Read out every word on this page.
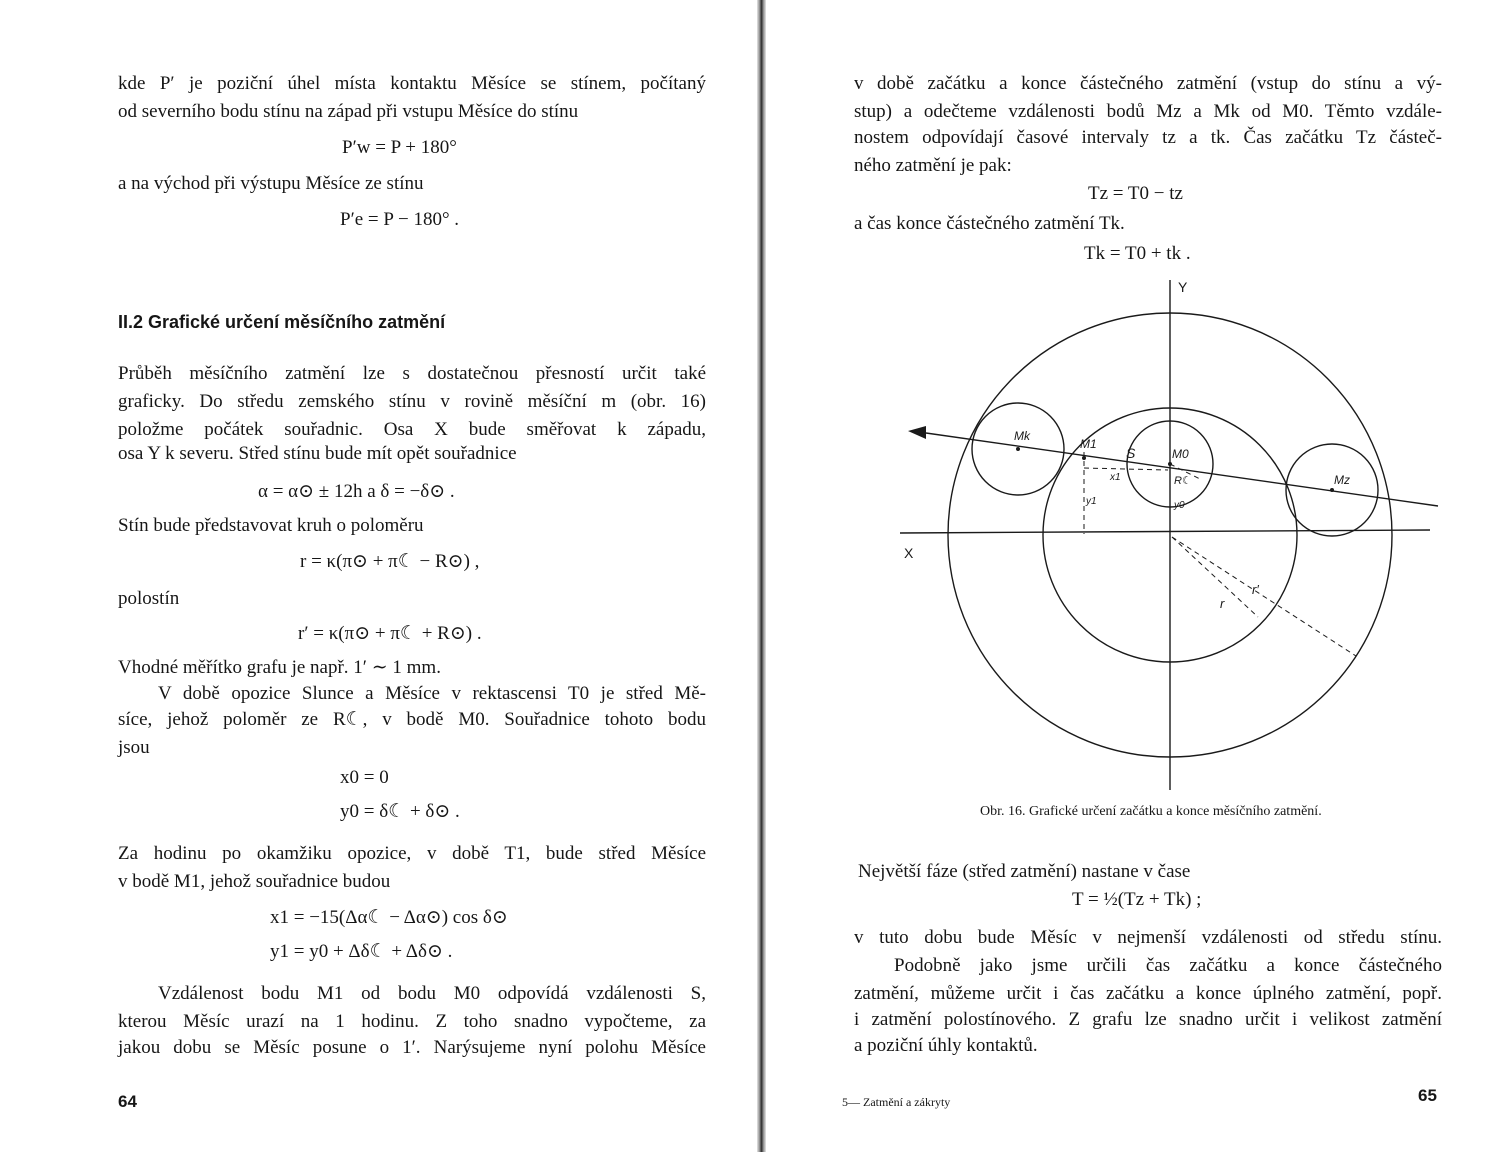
kde P′ je poziční úhel místa kontaktu Měsíce se stínem, počítaný
od severního bodu stínu na západ při vstupu Měsíce do stínu
P′w = P + 180°
a na východ při výstupu Měsíce ze stínu
P′e = P − 180° .
II.2 Grafické určení měsíčního zatmění
Průběh měsíčního zatmění lze s dostatečnou přesností určit také
graficky. Do středu zemského stínu v rovině měsíční m (obr. 16)
položme počátek souřadnic. Osa X bude směřovat k západu,
osa Y k severu. Střed stínu bude mít opět souřadnice
α = α⊙ ± 12h a δ = −δ⊙ .
Stín bude představovat kruh o poloměru
r = κ(π⊙ + π☾ − R⊙) ,
polostín
r′ = κ(π⊙ + π☾ + R⊙) .
Vhodné měřítko grafu je např. 1′ ∼ 1 mm.
V době opozice Slunce a Měsíce v rektascensi T0 je střed Mě-
síce, jehož poloměr ze R☾, v bodě M0. Souřadnice tohoto bodu
jsou
x0 = 0
y0 = δ☾ + δ⊙ .
Za hodinu po okamžiku opozice, v době T1, bude střed Měsíce
v bodě M1, jehož souřadnice budou
x1 = −15(Δα☾ − Δα⊙) cos δ⊙
y1 = y0 + Δδ☾ + Δδ⊙ .
Vzdálenost bodu M1 od bodu M0 odpovídá vzdálenosti S,
kterou Měsíc urazí na 1 hodinu. Z toho snadno vypočteme, za
jakou dobu se Měsíc posune o 1′. Narýsujeme nyní polohu Měsíce
64
v době začátku a konce částečného zatmění (vstup do stínu a vý-
stup) a odečteme vzdálenosti bodů Mz a Mk od M0. Těmto vzdále-
nostem odpovídají časové intervaly tz a tk. Čas začátku Tz částeč-
ného zatmění je pak:
Tz = T0 − tz
a čas konce částečného zatmění Tk.
Tk = T0 + tk .
Y
X
Mk
M1
S	M0
Mz
x1
y1
R☾
y0
r′
r
Obr. 16. Grafické určení začátku a konce měsíčního zatmění.
Největší fáze (střed zatmění) nastane v čase
T = ½(Tz + Tk) ;
v tuto dobu bude Měsíc v nejmenší vzdálenosti od středu stínu.
Podobně jako jsme určili čas začátku a konce částečného
zatmění, můžeme určit i čas začátku a konce úplného zatmění, popř.
i zatmění polostínového. Z grafu lze snadno určit i velikost zatmění
a poziční úhly kontaktů.
5— Zatmění a zákryty	65
